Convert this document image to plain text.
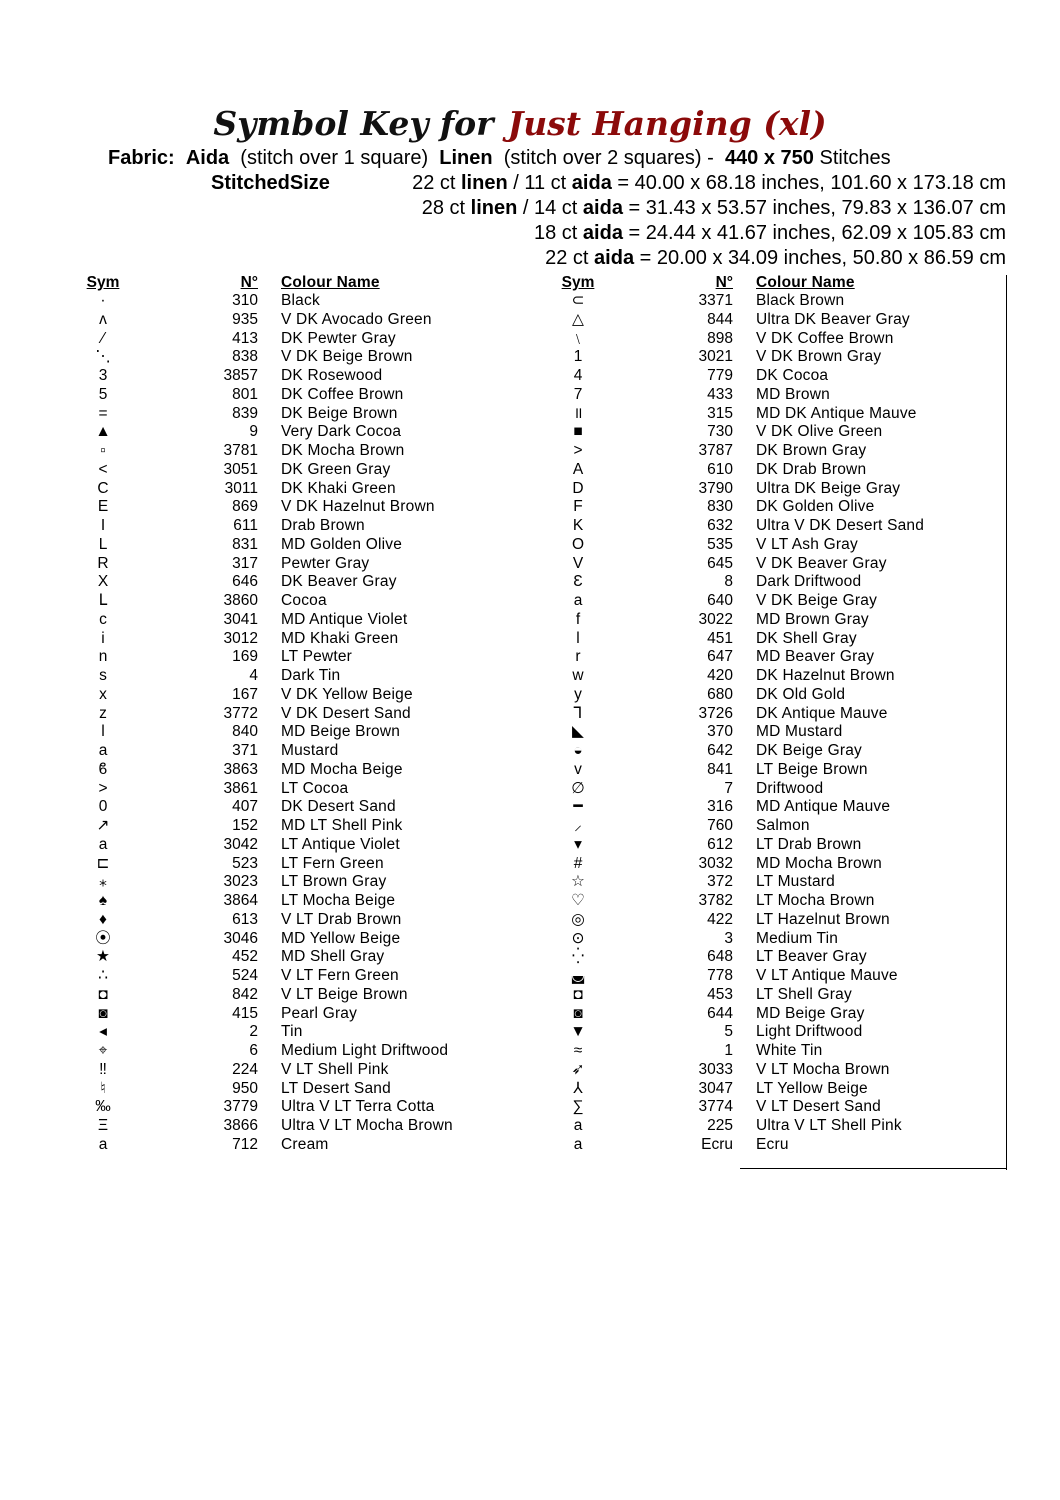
Symbol Key for Just Hanging (xl)
Fabric: Aida (stitch over 1 square) Linen (stitch over 2 squares) - 440 x 750 Stitches
StitchedSize	22 ct linen / 11 ct aida = 40.00 x 68.18 inches, 101.60 x 173.18 cm
28 ct linen / 14 ct aida = 31.43 x 53.57 inches, 79.83 x 136.07 cm
18 ct aida = 24.44 x 41.67 inches, 62.09 x 105.83 cm
22 ct aida = 20.00 x 34.09 inches, 50.80 x 86.59 cm
Sym	N° Colour Name
·	310 Black
ʌ	935 V DK Avocado Green
⁄	413 DK Pewter Gray
⋱	838 V DK Beige Brown
3	3857 DK Rosewood
5	801 DK Coffee Brown
=	839 DK Beige Brown
▲	9 Very Dark Cocoa
▫	3781 DK Mocha Brown
<	3051 DK Green Gray
C	3011 DK Khaki Green
E	869 V DK Hazelnut Brown
I	611 Drab Brown
L	831 MD Golden Olive
R	317 Pewter Gray
X	646 DK Beaver Gray
ᒪ	3860 Cocoa
c	3041 MD Antique Violet
i	3012 MD Khaki Green
n	169 LT Pewter
s	4 Dark Tin
x	167 V DK Yellow Beige
z	3772 V DK Desert Sand
ǀ	840 MD Beige Brown
a	371 Mustard
ϐ	3863 MD Mocha Beige
>	3861 LT Cocoa
0	407 DK Desert Sand
↗	152 MD LT Shell Pink
a	3042 LT Antique Violet
⊏	523 LT Fern Green
⁎	3023 LT Brown Gray
♠	3864 LT Mocha Beige
♦	613 V LT Drab Brown
⦿	3046 MD Yellow Beige
★	452 MD Shell Gray
∴	524 V LT Fern Green
◘	842 V LT Beige Brown
◙	415 Pearl Gray
◂	2 Tin
⌖	6 Medium Light Driftwood
‼	224 V LT Shell Pink
♮	950 LT Desert Sand
‰	3779 Ultra V LT Terra Cotta
Ξ	3866 Ultra V LT Mocha Brown
a	712 Cream
Sym	N° Colour Name
⊂	3371 Black Brown
△	844 Ultra DK Beaver Gray
﹨	898 V DK Coffee Brown
1	3021 V DK Brown Gray
4	779 DK Cocoa
7	433 MD Brown
॥	315 MD DK Antique Mauve
■	730 V DK Olive Green
>	3787 DK Brown Gray
A	610 DK Drab Brown
D	3790 Ultra DK Beige Gray
F	830 DK Golden Olive
K	632 Ultra V DK Desert Sand
O	535 V LT Ash Gray
V	645 V DK Beaver Gray
Ɛ	8 Dark Driftwood
a	640 V DK Beige Gray
f	3022 MD Brown Gray
l	451 DK Shell Gray
r	647 MD Beaver Gray
w	420 DK Hazelnut Brown
y	680 DK Old Gold
ꓶ	3726 DK Antique Mauve
◣	370 MD Mustard
◒	642 DK Beige Gray
v	841 LT Beige Brown
∅	7 Driftwood
━	316 MD Antique Mauve
⸝	760 Salmon
▾	612 LT Drab Brown
#	3032 MD Mocha Brown
☆	372 LT Mustard
♡	3782 LT Mocha Brown
◎	422 LT Hazelnut Brown
⊙	3 Medium Tin
⁛	648 LT Beaver Gray
◛	778 V LT Antique Mauve
◘	453 LT Shell Gray
◙	644 MD Beige Gray
▼	5 Light Driftwood
≈	1 White Tin
➶	3033 V LT Mocha Brown
⅄	3047 LT Yellow Beige
∑	3774 V LT Desert Sand
a	225 Ultra V LT Shell Pink
a	Ecru Ecru
